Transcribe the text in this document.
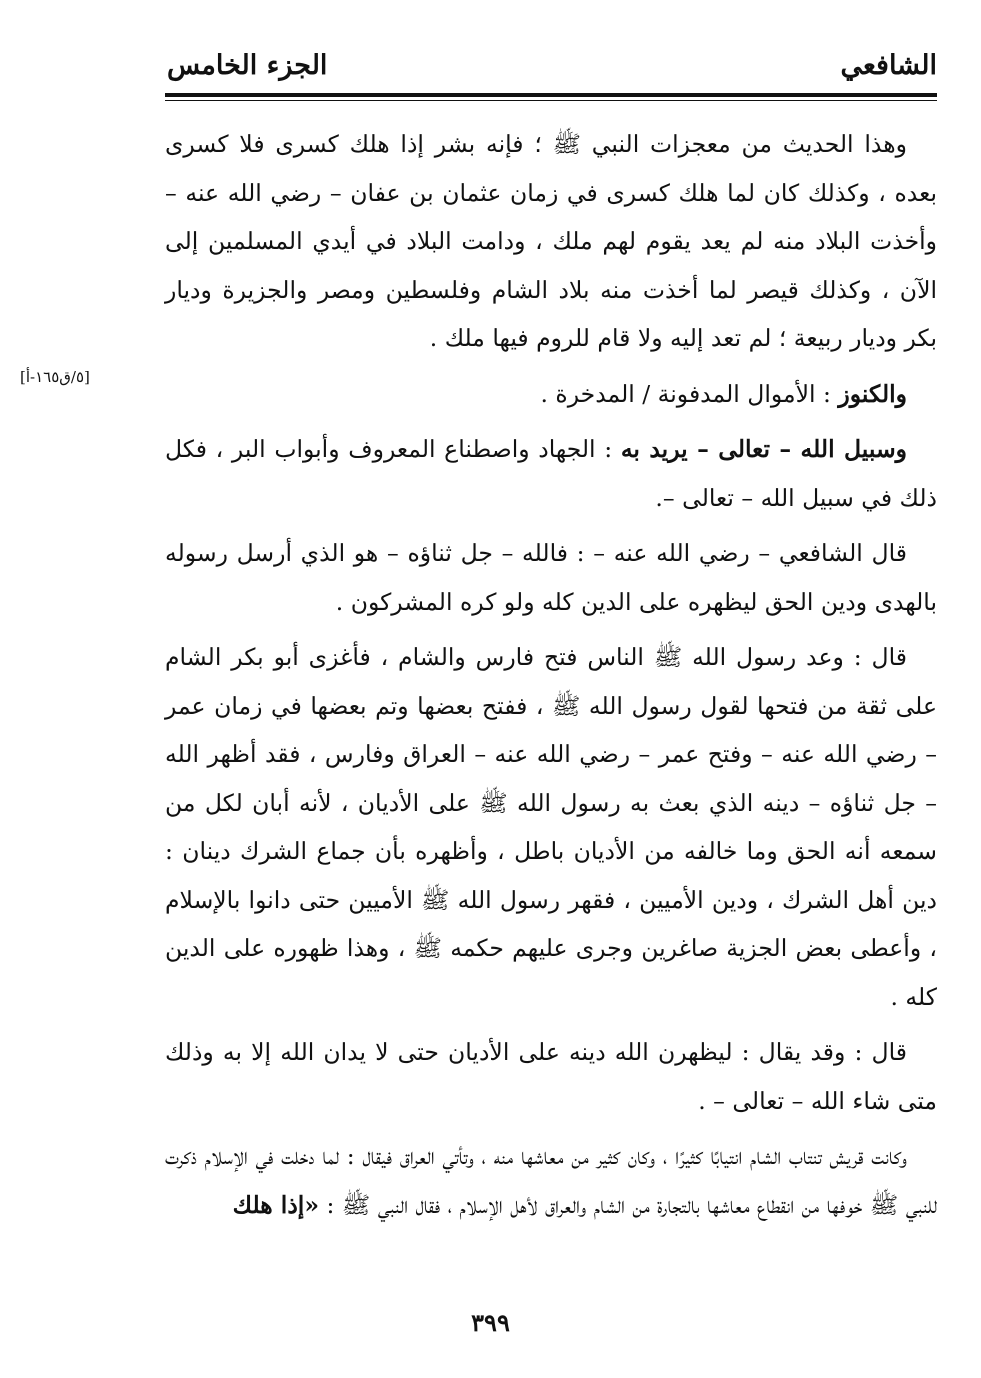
الشافعي
الجزء الخامس
[٥/ق١٦٥-أ]

وهذا الحديث من معجزات النبي ﷺ ؛ فإنه بشر إذا هلك كسرى فلا كسرى بعده ، وكذلك كان لما هلك كسرى في زمان عثمان بن عفان – رضي الله عنه – وأخذت البلاد منه لم يعد يقوم لهم ملك ، ودامت البلاد في أيدي المسلمين إلى الآن ، وكذلك قيصر لما أخذت منه بلاد الشام وفلسطين ومصر والجزيرة وديار بكر وديار ربيعة ؛ لم تعد إليه ولا قام للروم فيها ملك .

والكنوز : الأموال المدفونة / المدخرة .

وسبيل الله – تعالى – يريد به : الجهاد واصطناع المعروف وأبواب البر ، فكل ذلك في سبيل الله – تعالى –.

قال الشافعي – رضي الله عنه – : فالله – جل ثناؤه – هو الذي أرسل رسوله بالهدى ودين الحق ليظهره على الدين كله ولو كره المشركون .

قال : وعد رسول الله ﷺ الناس فتح فارس والشام ، فأغزى أبو بكر الشام على ثقة من فتحها لقول رسول الله ﷺ ، ففتح بعضها وتم بعضها في زمان عمر – رضي الله عنه – وفتح عمر – رضي الله عنه – العراق وفارس ، فقد أظهر الله – جل ثناؤه – دينه الذي بعث به رسول الله ﷺ على الأديان ، لأنه أبان لكل من سمعه أنه الحق وما خالفه من الأديان باطل ، وأظهره بأن جماع الشرك دينان : دين أهل الشرك ، ودين الأميين ، فقهر رسول الله ﷺ الأميين حتى دانوا بالإسلام ، وأعطى بعض الجزية صاغرين وجرى عليهم حكمه ﷺ ، وهذا ظهوره على الدين كله .

قال : وقد يقال : ليظهرن الله دينه على الأديان حتى لا يدان الله إلا به وذلك متى شاء الله – تعالى – .

وكانت قريش تنتاب الشام انتيابًا كثيرًا ، وكان كثير من معاشها منه ، وتأتي العراق فيقال : لما دخلت في الإسلام ذكرت للنبي ﷺ خوفها من انقطاع معاشها بالتجارة من الشام والعراق لأهل الإسلام ، فقال النبي ﷺ : «إذا هلك

٣٩٩
